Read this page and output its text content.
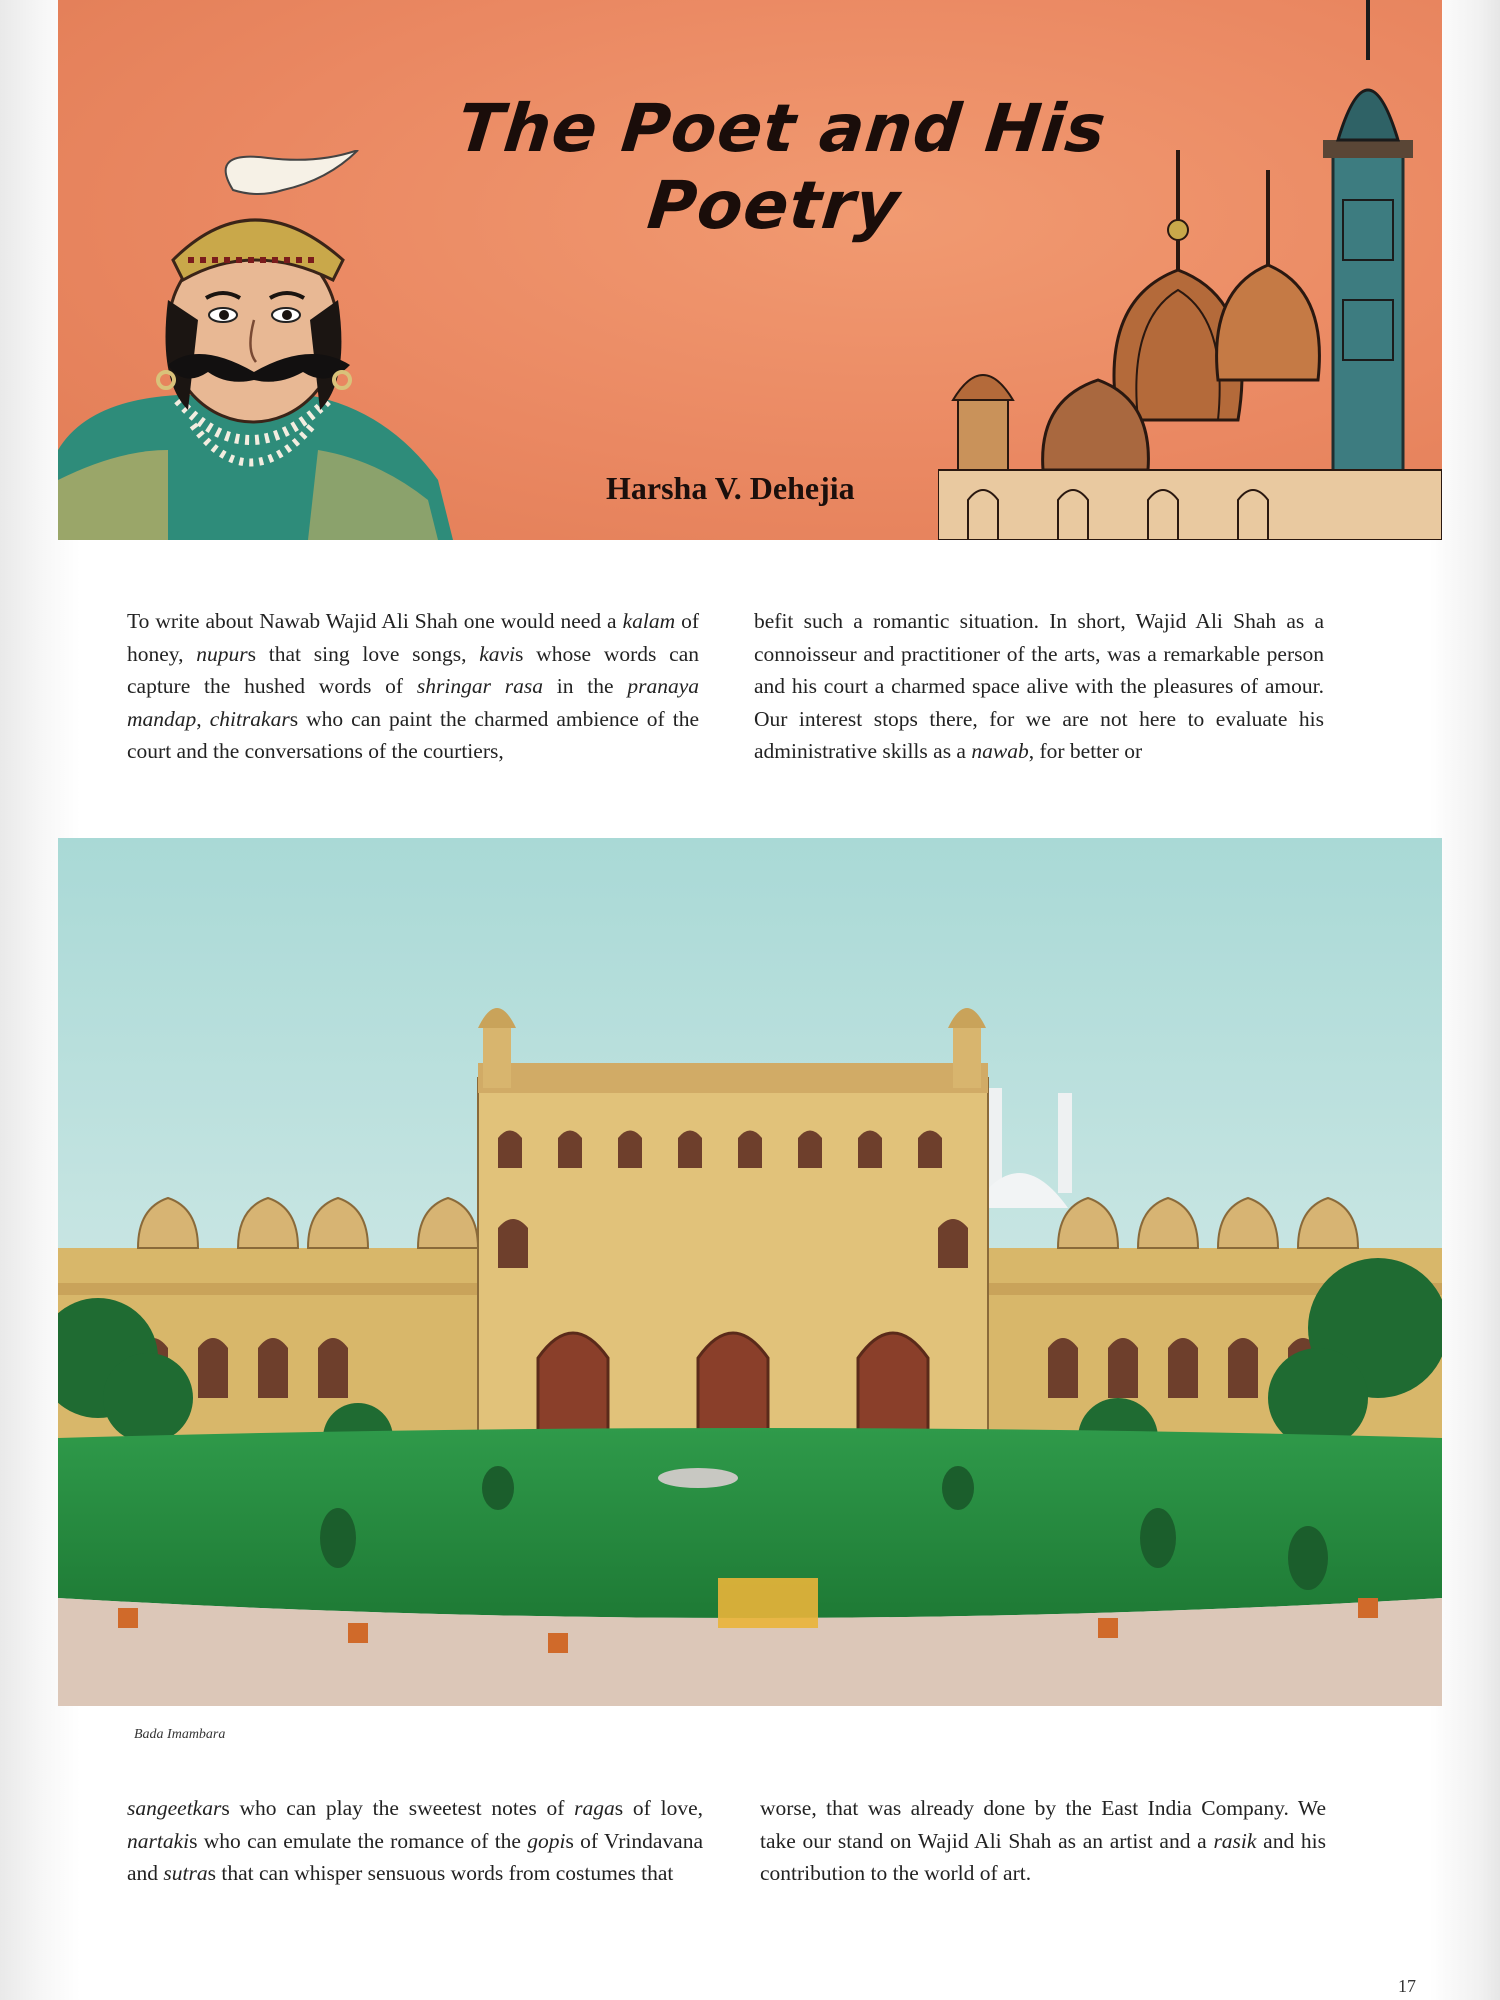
The Poet and His Poetry
Harsha V. Dehejia

To write about Nawab Wajid Ali Shah one would need a kalam of honey, nupurs that sing love songs, kavis whose words can capture the hushed words of shringar rasa in the pranaya mandap, chitrakars who can paint the charmed ambience of the court and the conversations of the courtiers,

befit such a romantic situation. In short, Wajid Ali Shah as a connoisseur and practitioner of the arts, was a remarkable person and his court a charmed space alive with the pleasures of amour. Our interest stops there, for we are not here to evaluate his administrative skills as a nawab, for better or

Bada Imambara

sangeetkars who can play the sweetest notes of ragas of love, nartakis who can emulate the romance of the gopis of Vrindavana and sutras that can whisper sensuous words from costumes that

worse, that was already done by the East India Company. We take our stand on Wajid Ali Shah as an artist and a rasik and his contribution to the world of art.

17
